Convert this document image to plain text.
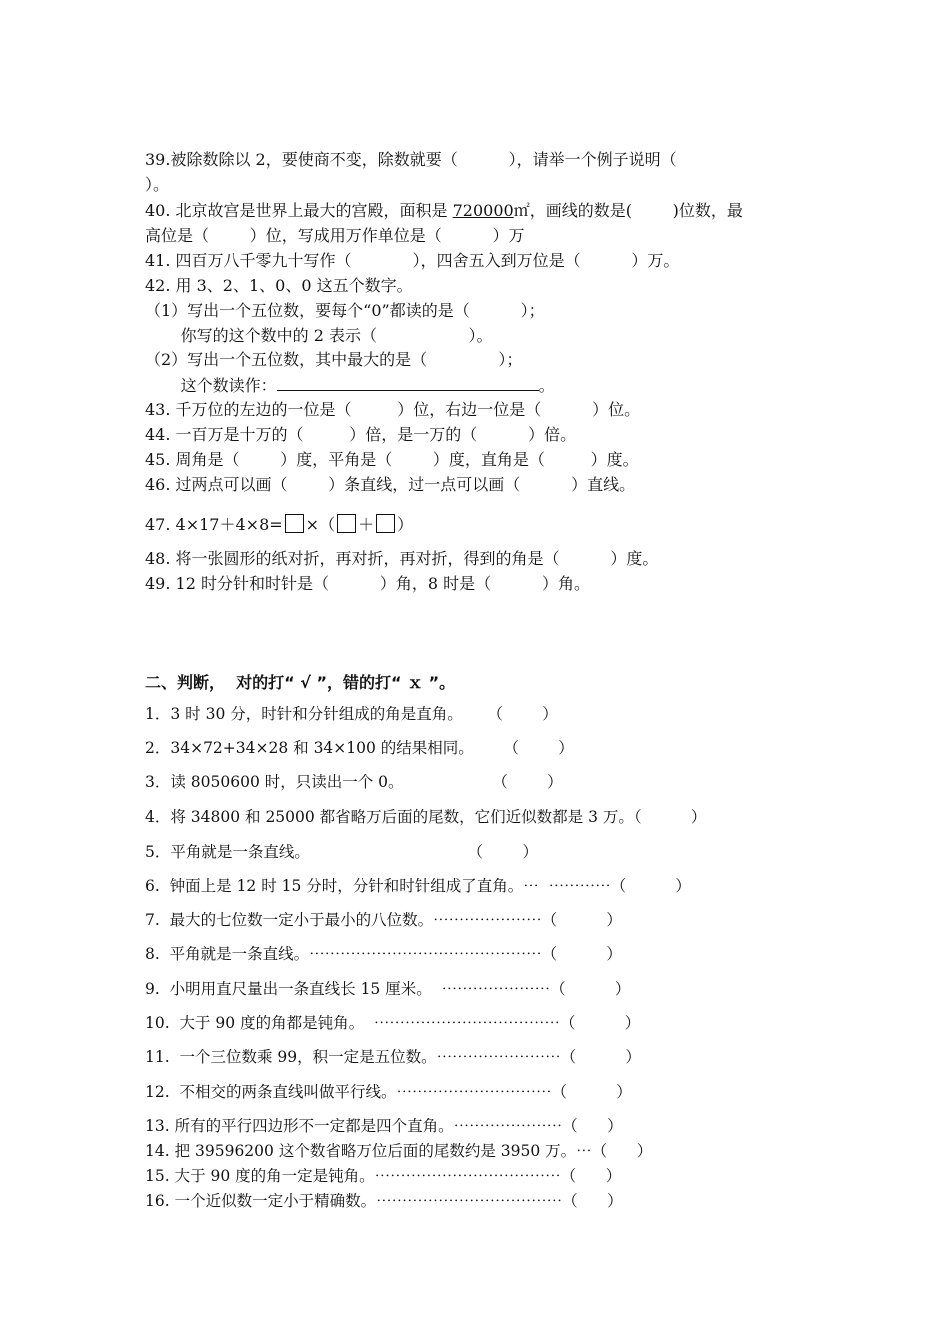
39.被除数除以 2，要使商不变，除数就要（          ），请举一个例子说明（
）。
40. 北京故宫是世界上最大的宫殿，面积是 720000㎡，画线的数是(        )位数，最
高位是（        ）位，写成用万作单位是（          ）万
41. 四百万八千零九十写作（            ），四舍五入到万位是（          ）万。
42. 用 3、2、1、0、0 这五个数字。
（1）写出一个五位数，要每个“0”都读的是（          ）；
你写的这个数中的 2 表示（                  ）。
（2）写出一个五位数，其中最大的是（              ）；
这个数读作：	。
43. 千万位的左边的一位是（         ）位，右边一位是（          ）位。
44. 一百万是十万的（         ）倍，是一万的（          ）倍。
45. 周角是（        ）度，平角是（        ）度，直角是（         ）度。
46. 过两点可以画（        ）条直线，过一点可以画（          ）直线。
47. 4×17＋4×8= ×（ ＋ ）
48. 将一张圆形的纸对折，再对折，再对折，得到的角是（          ）度。
49. 12 时分针和时针是（          ）角，8 时是（          ）角。
二、判断，  对的打“ √ ”，错的打“ ｘ ”。
1．3 时 30 分，时针和分针组成的角是直角。     （        ）
2．34×72+34×28 和 34×100 的结果相同。      （        ）
3．读 8050600 时，只读出一个 0。                  （        ）
4．将 34800 和 25000 都省略万后面的尾数，它们近似数都是 3 万。（          ）
5．平角就是一条直线。                                （        ）
6.  钟面上是 12 时 15 分时，分针和时针组成了直角。⋯  ⋯⋯⋯⋯（          ）
7.  最大的七位数一定小于最小的八位数。⋯⋯⋯⋯⋯⋯⋯（          ）
8.  平角就是一条直线。⋯⋯⋯⋯⋯⋯⋯⋯⋯⋯⋯⋯⋯⋯⋯（          ）
9.  小明用直尺量出一条直线长 15 厘米。  ⋯⋯⋯⋯⋯⋯⋯（          ）
10.  大于 90 度的角都是钝角。  ⋯⋯⋯⋯⋯⋯⋯⋯⋯⋯⋯⋯（          ）
11.  一个三位数乘 99，积一定是五位数。⋯⋯⋯⋯⋯⋯⋯⋯（          ）
12.  不相交的两条直线叫做平行线。⋯⋯⋯⋯⋯⋯⋯⋯⋯⋯（          ）
13. 所有的平行四边形不一定都是四个直角。⋯⋯⋯⋯⋯⋯⋯（      ）
14. 把 39596200 这个数省略万位后面的尾数约是 3950 万。⋯（      ）
15. 大于 90 度的角一定是钝角。⋯⋯⋯⋯⋯⋯⋯⋯⋯⋯⋯⋯（      ）
16. 一个近似数一定小于精确数。⋯⋯⋯⋯⋯⋯⋯⋯⋯⋯⋯⋯（      ）
